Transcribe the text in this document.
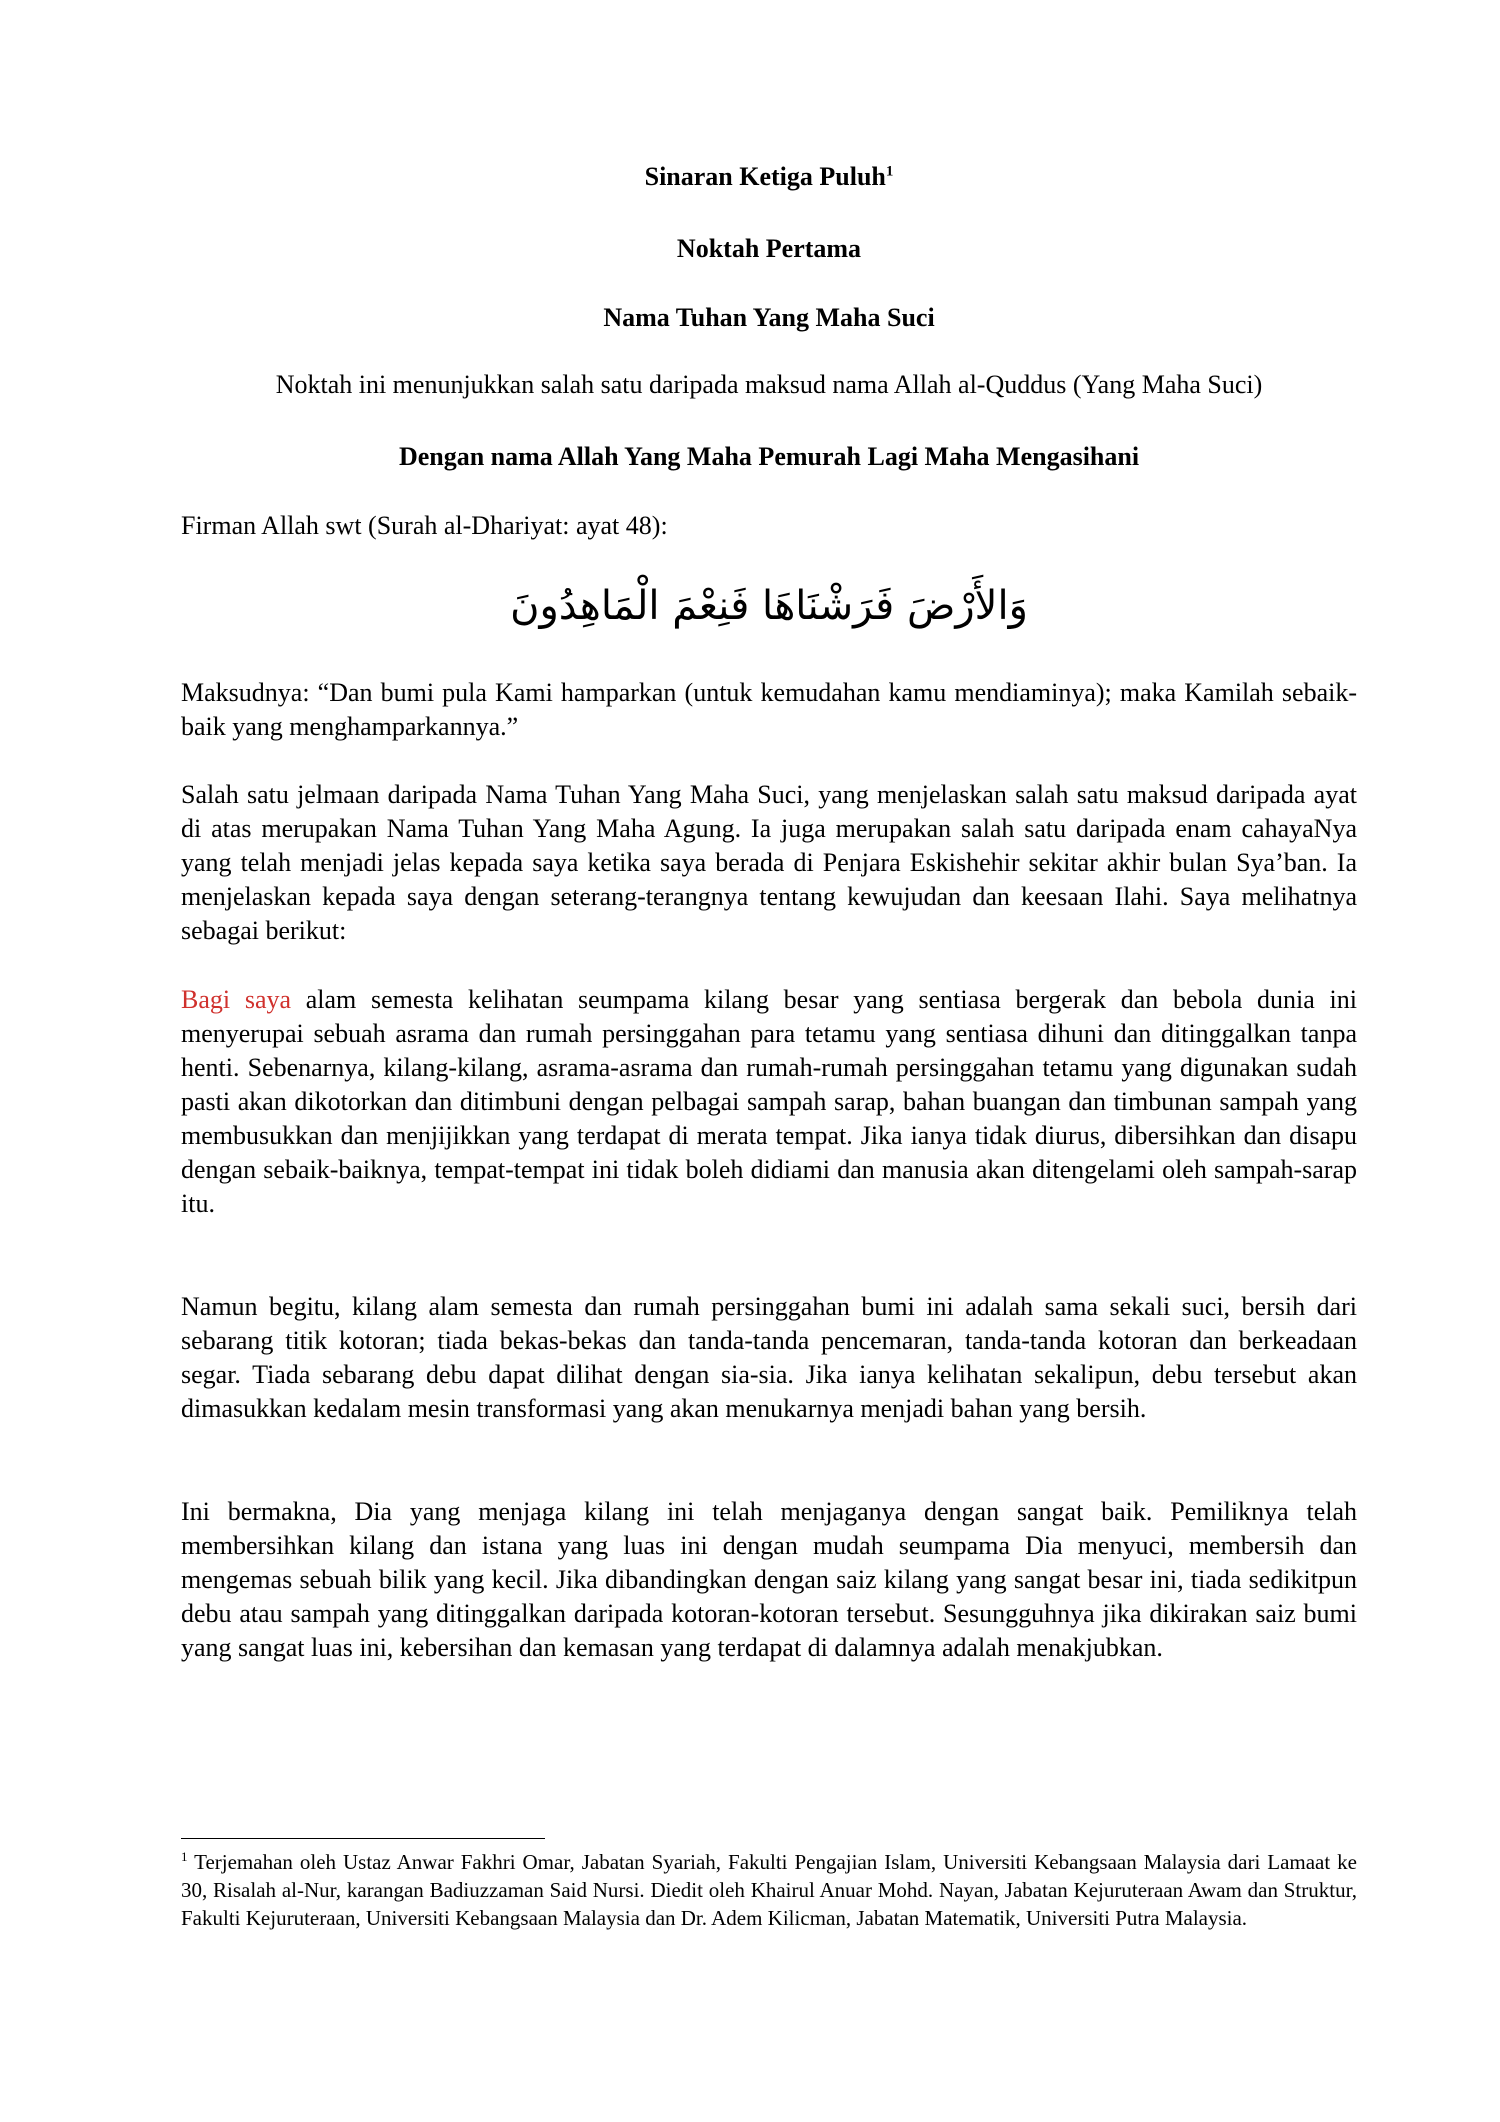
Sinaran Ketiga Puluh$^1$

Noktah Pertama

Nama Tuhan Yang Maha Suci

Noktah ini menunjukkan salah satu daripada maksud nama Allah al-Quddus (Yang Maha Suci)

Dengan nama Allah Yang Maha Pemurah Lagi Maha Mengasihani

Firman Allah swt (Surah al-Dhariyat: ayat 48):

وَالأَرْضَ فَرَشْنَاهَا فَنِعْمَ الْمَاهِدُونَ

Maksudnya: “Dan bumi pula Kami hamparkan (untuk kemudahan kamu mendiaminya); maka Kamilah sebaik-baik yang menghamparkannya.”

Salah satu jelmaan daripada Nama Tuhan Yang Maha Suci, yang menjelaskan salah satu maksud daripada ayat di atas merupakan Nama Tuhan Yang Maha Agung. Ia juga merupakan salah satu daripada enam cahayaNya yang telah menjadi jelas kepada saya ketika saya berada di Penjara Eskishehir sekitar akhir bulan Sya’ban. Ia menjelaskan kepada saya dengan seterang-terangnya tentang kewujudan dan keesaan Ilahi. Saya melihatnya sebagai berikut:

Bagi saya alam semesta kelihatan seumpama kilang besar yang sentiasa bergerak dan bebola dunia ini menyerupai sebuah asrama dan rumah persinggahan para tetamu yang sentiasa dihuni dan ditinggalkan tanpa henti. Sebenarnya, kilang-kilang, asrama-asrama dan rumah-rumah persinggahan tetamu yang digunakan sudah pasti akan dikotorkan dan ditimbuni dengan pelbagai sampah sarap, bahan buangan dan timbunan sampah yang membusukkan dan menjijikkan yang terdapat di merata tempat. Jika ianya tidak diurus, dibersihkan dan disapu dengan sebaik-baiknya, tempat-tempat ini tidak boleh didiami dan manusia akan ditengelami oleh sampah-sarap itu.

Namun begitu, kilang alam semesta dan rumah persinggahan bumi ini adalah sama sekali suci, bersih dari sebarang titik kotoran; tiada bekas-bekas dan tanda-tanda pencemaran, tanda-tanda kotoran dan berkeadaan segar. Tiada sebarang debu dapat dilihat dengan sia-sia. Jika ianya kelihatan sekalipun, debu tersebut akan dimasukkan kedalam mesin transformasi yang akan menukarnya menjadi bahan yang bersih.

Ini bermakna, Dia yang menjaga kilang ini telah menjaganya dengan sangat baik. Pemiliknya telah membersihkan kilang dan istana yang luas ini dengan mudah seumpama Dia menyuci, membersih dan mengemas sebuah bilik yang kecil. Jika dibandingkan dengan saiz kilang yang sangat besar ini, tiada sedikitpun debu atau sampah yang ditinggalkan daripada kotoran-kotoran tersebut. Sesungguhnya jika dikirakan saiz bumi yang sangat luas ini, kebersihan dan kemasan yang terdapat di dalamnya adalah menakjubkan.

$^1$ Terjemahan oleh Ustaz Anwar Fakhri Omar, Jabatan Syariah, Fakulti Pengajian Islam, Universiti Kebangsaan Malaysia dari Lamaat ke 30, Risalah al-Nur, karangan Badiuzzaman Said Nursi. Diedit oleh Khairul Anuar Mohd. Nayan, Jabatan Kejuruteraan Awam dan Struktur, Fakulti Kejuruteraan, Universiti Kebangsaan Malaysia dan Dr. Adem Kilicman, Jabatan Matematik, Universiti Putra Malaysia.
